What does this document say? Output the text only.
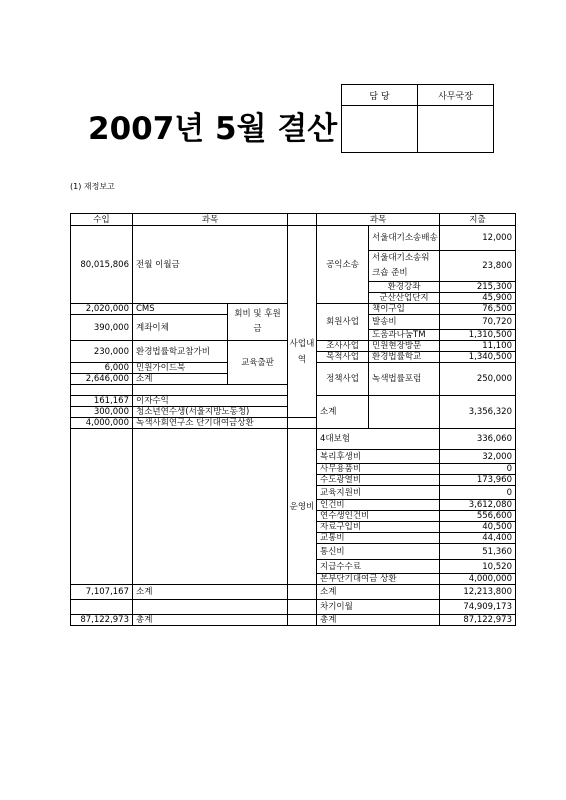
2007년 5월 결산
담 당	사무국장

(1) 재정보고
수입	과목			과목		지출
80,015,806	전월 이월금		사업내역	공익소송	서울대기소송배송	12,000
					서울대기소송워크숍 준비	23,800
					환경강좌	215,300
					군산산업단지	45,900
2,020,000	CMS	회비 및 후원금		회원사업	책이구입	76,500
390,000	계좌이체				발송비	70,720
					도움과나눔TM	1,310,500
230,000	환경법률학교참가비	교육출판		조사사업	민원현장방문	11,100
				목적사업	환경법률학교	1,340,500
6,000	민원가이드북			정책사업	녹색법률포럼	250,000
2,646,000	소계					

161,167	이자수익			소계		3,356,320
300,000	청소년연수생(서울지방노동청)					
4,000,000	녹색사회연구소 단기대여금상환					
			운영비	4대보험		336,060
				복리후생비		32,000
				사무용품비		0
				수도광열비		173,960
				교육지원비		0
				인건비		3,612,080
				연수생인건비		556,600
				자료구입비		40,500
				교통비		44,400
				통신비		51,360
				지급수수료		10,520
				본부단기대여금 상환		4,000,000
7,107,167	소계			소계		12,213,800
				차기이월		74,909,173
87,122,973	총계			총계		87,122,973
